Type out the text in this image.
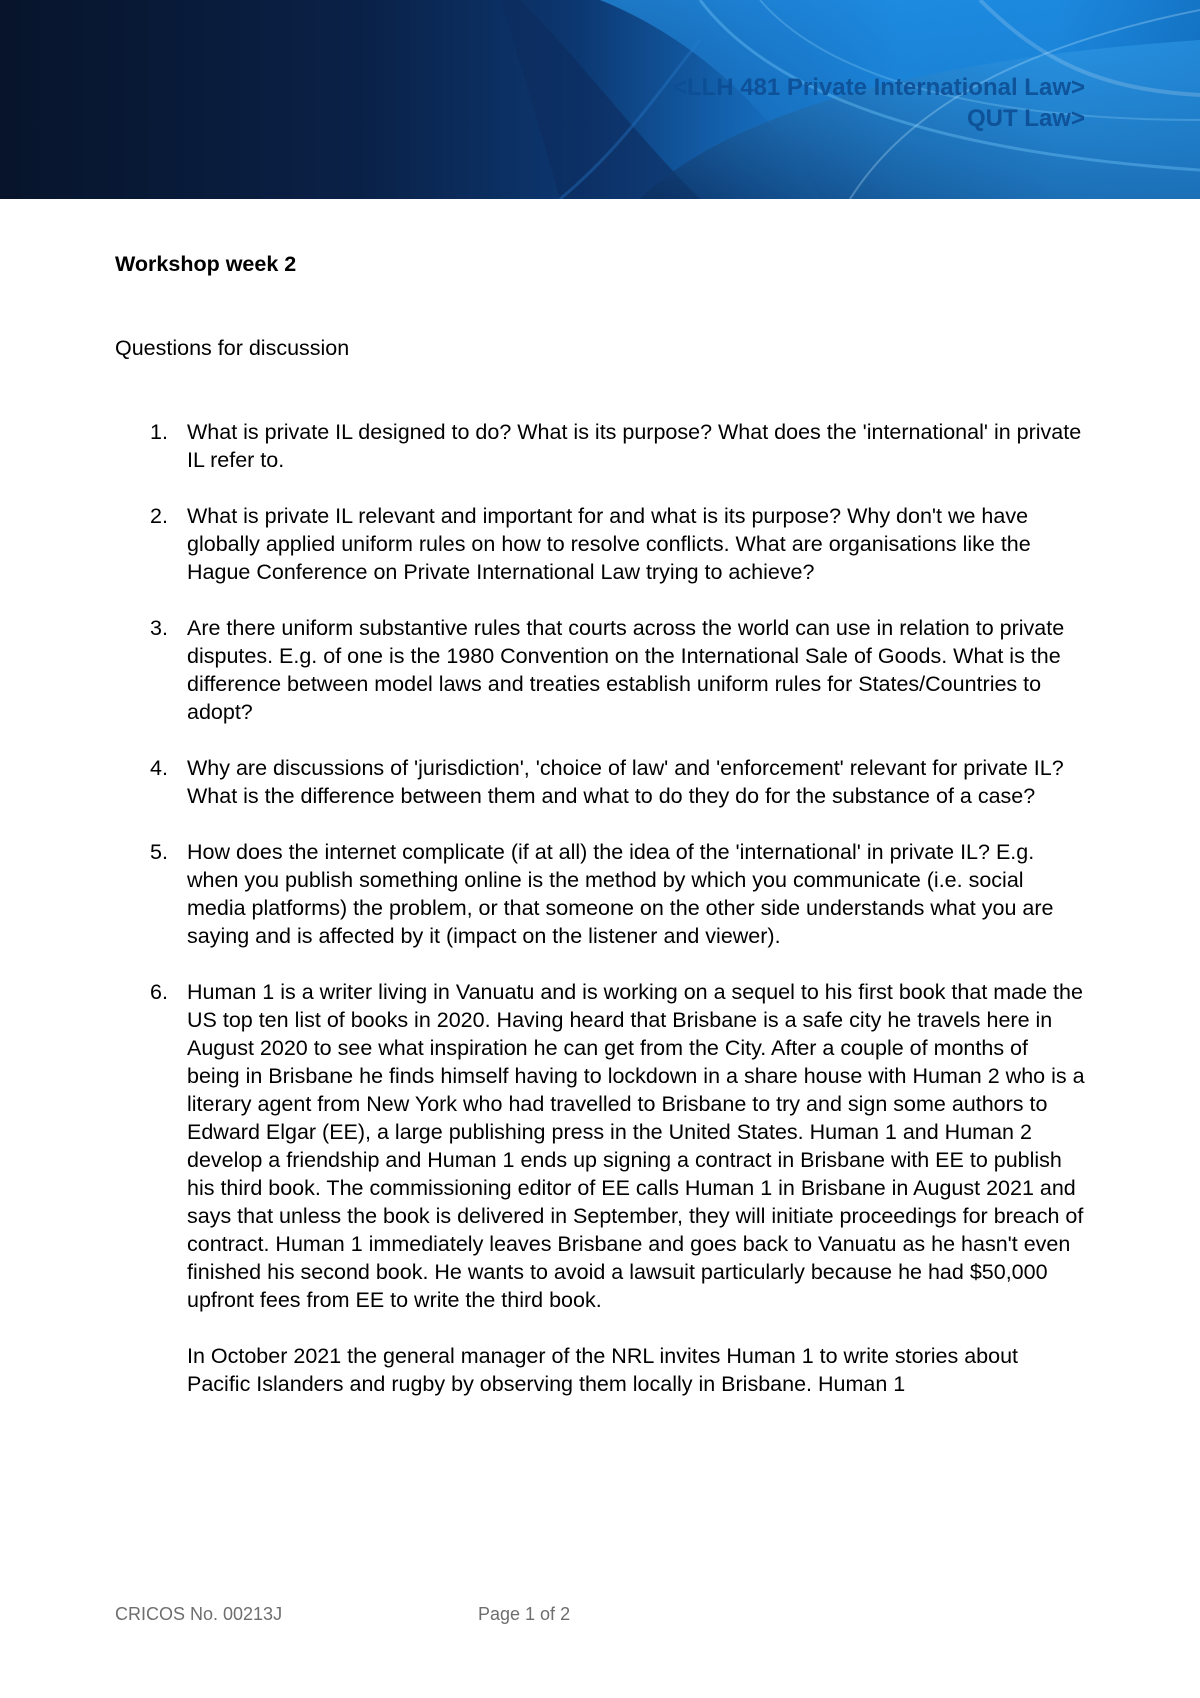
<LLH 481 Private International Law>
QUT Law>
Workshop week 2
Questions for discussion
1. What is private IL designed to do? What is its purpose? What does the 'international' in private IL refer to.

2. What is private IL relevant and important for and what is its purpose? Why don't we have globally applied uniform rules on how to resolve conflicts. What are organisations like the Hague Conference on Private International Law trying to achieve?

3. Are there uniform substantive rules that courts across the world can use in relation to private disputes. E.g. of one is the 1980 Convention on the International Sale of Goods. What is the difference between model laws and treaties establish uniform rules for States/Countries to adopt?

4. Why are discussions of 'jurisdiction', 'choice of law' and 'enforcement' relevant for private IL? What is the difference between them and what to do they do for the substance of a case?

5. How does the internet complicate (if at all) the idea of the 'international' in private IL? E.g. when you publish something online is the method by which you communicate (i.e. social media platforms) the problem, or that someone on the other side understands what you are saying and is affected by it (impact on the listener and viewer).

6. Human 1 is a writer living in Vanuatu and is working on a sequel to his first book that made the US top ten list of books in 2020. Having heard that Brisbane is a safe city he travels here in August 2020 to see what inspiration he can get from the City. After a couple of months of being in Brisbane he finds himself having to lockdown in a share house with Human 2 who is a literary agent from New York who had travelled to Brisbane to try and sign some authors to Edward Elgar (EE), a large publishing press in the United States. Human 1 and Human 2 develop a friendship and Human 1 ends up signing a contract in Brisbane with EE to publish his third book. The commissioning editor of EE calls Human 1 in Brisbane in August 2021 and says that unless the book is delivered in September, they will initiate proceedings for breach of contract. Human 1 immediately leaves Brisbane and goes back to Vanuatu as he hasn't even finished his second book. He wants to avoid a lawsuit particularly because he had $50,000 upfront fees from EE to write the third book.

In October 2021 the general manager of the NRL invites Human 1 to write stories about Pacific Islanders and rugby by observing them locally in Brisbane. Human 1

CRICOS No. 00213J	Page 1 of 2
